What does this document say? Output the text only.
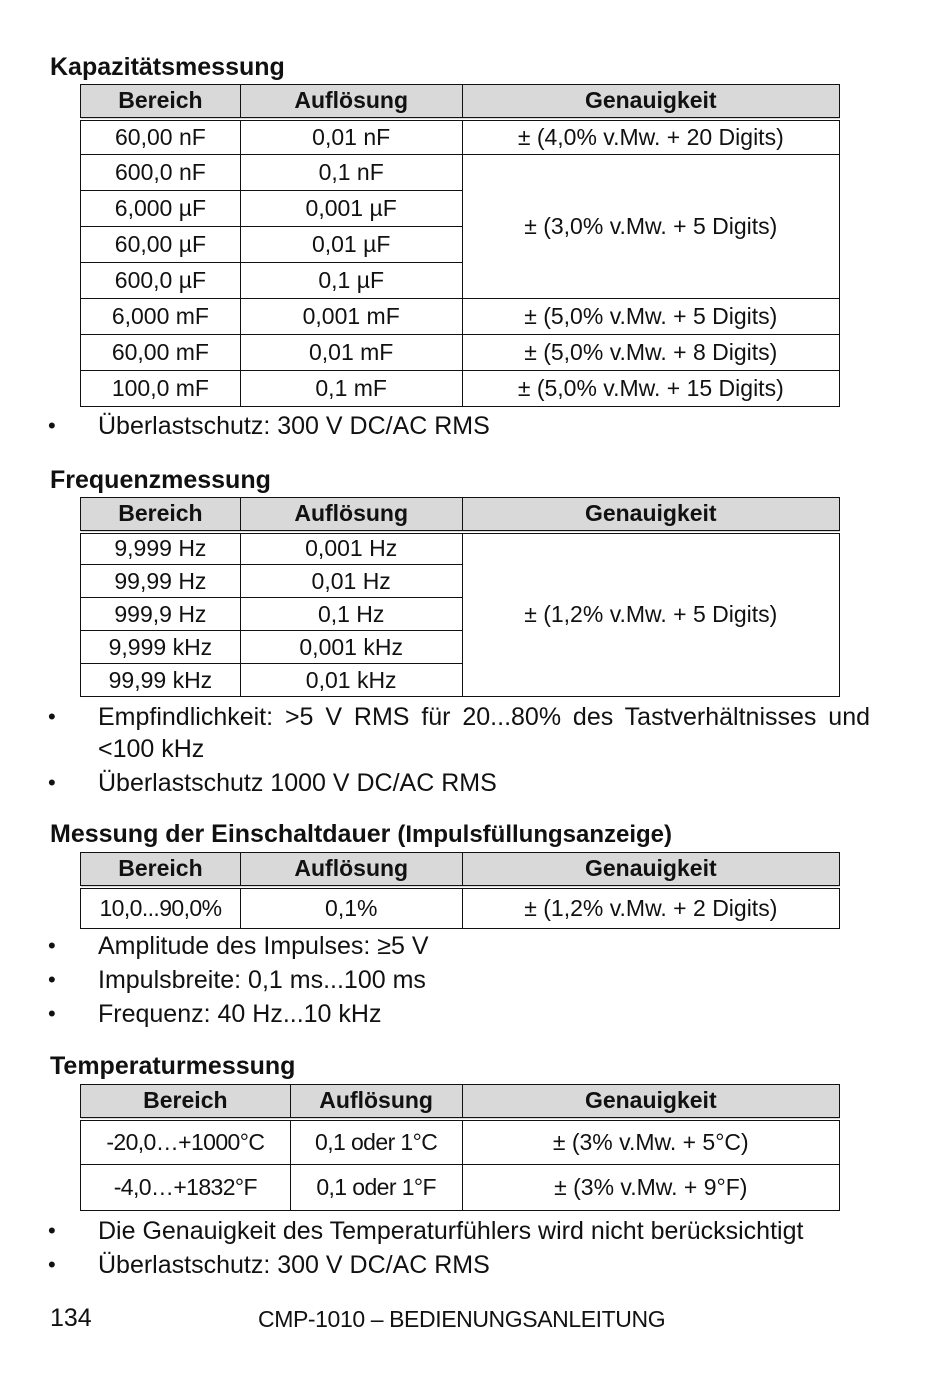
Kapazitätsmessung
Bereich	Auflösung	Genauigkeit
60,00 nF	0,01 nF	± (4,0% v.Mw. + 20 Digits)
600,0 nF	0,1 nF	± (3,0% v.Mw. + 5 Digits)
6,000 µF	0,001 µF	
60,00 µF	0,01 µF	
600,0 µF	0,1 µF	
6,000 mF	0,001 mF	± (5,0% v.Mw. + 5 Digits)
60,00 mF	0,01 mF	± (5,0% v.Mw. + 8 Digits)
100,0 mF	0,1 mF	± (5,0% v.Mw. + 15 Digits)
• Überlastschutz: 300 V DC/AC RMS
Frequenzmessung
Bereich	Auflösung	Genauigkeit
9,999 Hz	0,001 Hz	± (1,2% v.Mw. + 5 Digits)
99,99 Hz	0,01 Hz	
999,9 Hz	0,1 Hz	
9,999 kHz	0,001 kHz	
99,99 kHz	0,01 kHz	
• Empfindlichkeit: >5 V RMS für 20...80% des Tastverhältnisses und <100 kHz
• Überlastschutz 1000 V DC/AC RMS
Messung der Einschaltdauer (Impulsfüllungsanzeige)
Bereich	Auflösung	Genauigkeit
10,0...90,0%	0,1%	± (1,2% v.Mw. + 2 Digits)
• Amplitude des Impulses: ≥5 V
• Impulsbreite: 0,1 ms...100 ms
• Frequenz: 40 Hz...10 kHz
Temperaturmessung
Bereich	Auflösung	Genauigkeit
-20,0…+1000°C	0,1 oder 1°C	± (3% v.Mw. + 5°C)
-4,0…+1832°F	0,1 oder 1°F	± (3% v.Mw. + 9°F)
• Die Genauigkeit des Temperaturfühlers wird nicht berücksichtigt
• Überlastschutz: 300 V DC/AC RMS
134	CMP-1010 – BEDIENUNGSANLEITUNG
